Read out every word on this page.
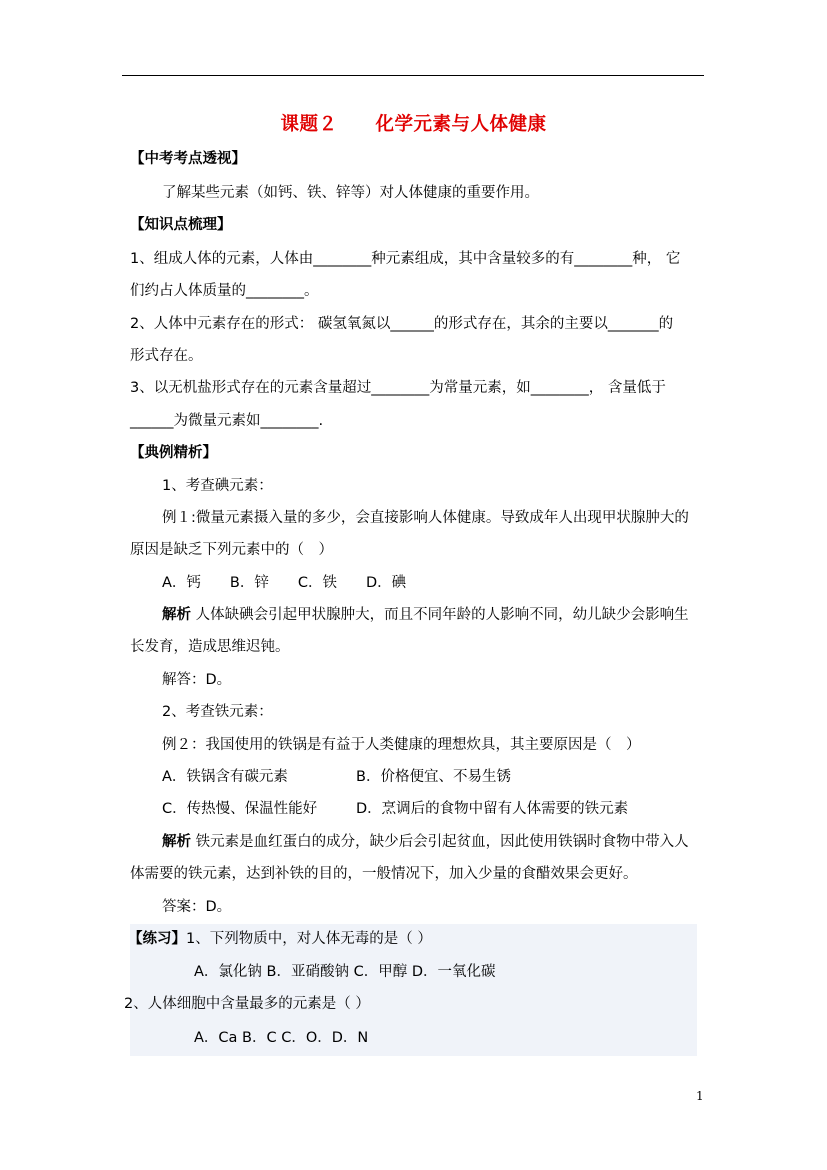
课题２　　化学元素与人体健康
【中考考点透视】
了解某些元素（如钙、铁、锌等）对人体健康的重要作用。
【知识点梳理】
1、组成人体的元素，人体由________种元素组成，其中含量较多的有________种， 它
们约占人体质量的________。
2、人体中元素存在的形式： 碳氢氧氮以______的形式存在，其余的主要以_______的
形式存在。
3、以无机盐形式存在的元素含量超过________为常量元素，如________， 含量低于
______为微量元素如________.
【典例精析】
1、考查碘元素：
例１:微量元素摄入量的多少，会直接影响人体健康。导致成年人出现甲状腺肿大的
原因是缺乏下列元素中的（　）
A．钙　　B．锌　　C．铁　　D．碘
解析 人体缺碘会引起甲状腺肿大，而且不同年龄的人影响不同，幼儿缺少会影响生
长发育，造成思维迟钝。
解答：D。
2、考查铁元素：
例２：我国使用的铁锅是有益于人类健康的理想炊具，其主要原因是（　）
A．铁锅含有碳元素	B．价格便宜、不易生锈
C．传热慢、保温性能好	D．烹调后的食物中留有人体需要的铁元素
解析 铁元素是血红蛋白的成分，缺少后会引起贫血，因此使用铁锅时食物中带入人
体需要的铁元素，达到补铁的目的，一般情况下，加入少量的食醋效果会更好。
答案：D。
【练习】1、下列物质中，对人体无毒的是（ ）
A．氯化钠 B．亚硝酸钠 C．甲醇 D．一氧化碳
2、人体细胞中含量最多的元素是（ ）
A．Ca B．C C．O．D．N
1
